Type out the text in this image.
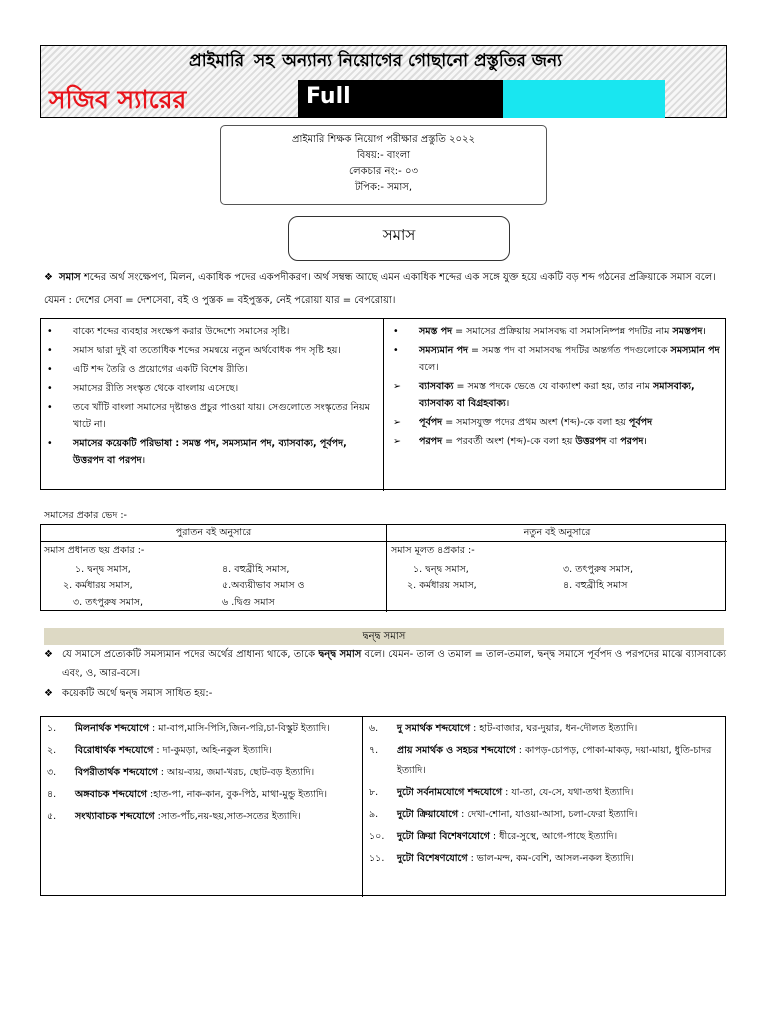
প্রাইমারি সহ অন্যান্য নিয়োগের গোছানো প্রস্তুতির জন্য
সজিব স্যারের	Full
প্রাইমারি শিক্ষক নিয়োগ পরীক্ষার প্রস্তুতি ২০২২
বিষয়:- বাংলা
লেকচার নং:- ০৩
টপিক:- সমাস,
সমাস
❖ সমাস শব্দের অর্থ সংক্ষেপণ, মিলন, একাধিক পদের একপদীকরণ। অর্থ সম্বন্ধ আছে এমন একাধিক শব্দের এক সঙ্গে যুক্ত হয়ে একটি বড় শব্দ গঠনের প্রক্রিয়াকে সমাস বলে। যেমন : দেশের সেবা = দেশসেবা, বই ও পুস্তক = বইপুস্তক, নেই পরোয়া যার = বেপরোয়া।
• বাক্যে শব্দের ব্যবহার সংক্ষেপ করার উদ্দেশ্যে সমাসের সৃষ্টি।
• সমাস দ্বারা দুই বা ততোধিক শব্দের সমন্বয়ে নতুন অর্থবোধক পদ সৃষ্টি হয়।
• এটি শব্দ তৈরি ও প্রয়োগের একটি বিশেষ রীতি।
• সমাসের রীতি সংস্কৃত থেকে বাংলায় এসেছে।
• তবে খাঁটি বাংলা সমাসের দৃষ্টান্তও প্রচুর পাওয়া যায়। সেগুলোতে সংস্কৃতের নিয়ম খাটে না।
• সমাসের কয়েকটি পরিভাষা : সমস্ত পদ, সমস্যমান পদ, ব্যাসবাক্য, পূর্বপদ, উত্তরপদ বা পরপদ।
• সমস্ত পদ = সমাসের প্রক্রিয়ায় সমাসবদ্ধ বা সমাসনিষ্পন্ন পদটির নাম সমস্তপদ।
• সমস্যমান পদ = সমস্ত পদ বা সমাসবদ্ধ পদটির অন্তর্গত পদগুলোকে সমস্যমান পদ বলে।
➢ ব্যাসবাক্য = সমস্ত পদকে ভেঙে যে বাক্যাংশ করা হয়, তার নাম সমাসবাক্য, ব্যাসবাক্য বা বিগ্রহবাক্য।
➢ পূর্বপদ = সমাসযুক্ত পদের প্রথম অংশ (শব্দ)-কে বলা হয় পূর্বপদ
➢ পরপদ = পরবর্তী অংশ (শব্দ)-কে বলা হয় উত্তরপদ বা পরপদ।
সমাসের প্রকার ভেদ :-
পুরাতন বই অনুসারে	নতুন বই অনুসারে
সমাস প্রধানত ছয় প্রকার :-
১. দ্বন্দ্ব সমাস,
২. কর্মধারয় সমাস,
৩. তৎপুরুষ সমাস,
৪. বহুব্রীহি সমাস,
৫.অব্যয়ীভাব সমাস ও
৬ .দ্বিগু সমাস
সমাস মূলত ৪প্রকার :-
১. দ্বন্দ্ব সমাস,
২. কর্মধারয় সমাস,
৩. তৎপুরুষ সমাস,
৪. বহুব্রীহি সমাস
দ্বন্দ্ব সমাস
❖ যে সমাসে প্রত্যেকটি সমস্যমান পদের অর্থের প্রাধান্য থাকে, তাকে দ্বন্দ্ব সমাস বলে। যেমন- তাল ও তমাল = তাল-তমাল, দ্বন্দ্ব সমাসে পূর্বপদ ও পরপদের মাঝে ব্যাসবাক্যে এবং, ও, আর-বসে।
❖ কয়েকটি অর্থে দ্বন্দ্ব সমাস সাধিত হয়:-
১. মিলনার্থক শব্দযোগে : মা-বাপ,মাসি-পিসি,জিন-পরি,চা-বিস্কুট ইত্যাদি।
২. বিরোধার্থক শব্দযোগে : দা-কুমড়া, অহি-নকুল ইত্যাদি।
৩. বিপরীতার্থক শব্দযোগে : আয়-ব্যয়, জমা-খরচ, ছোট-বড় ইত্যাদি।
৪. অঙ্গবাচক শব্দযোগে :হাত-পা, নাক-কান, বুক-পিঠ, মাথা-মুন্ডু ইত্যাদি।
৫. সংখ্যাবাচক শব্দযোগে :সাত-পাঁচ,নয়-ছয়,সাত-সতের ইত্যাদি।
৬. দু সমার্থক শব্দযোগে : হাট-বাজার, ঘর-দুয়ার, ধন-দৌলত ইত্যাদি।
৭. প্রায় সমার্থক ও সহচর শব্দযোগে : কাপড়-চোপড়, পোকা-মাকড়, দয়া-মায়া, ধুতি-চাদর ইত্যাদি।
৮. দুটো সর্বনামযোগে শব্দযোগে : যা-তা, যে-সে, যথা-তথা ইত্যাদি।
৯. দুটো ক্রিয়াযোগে : দেখা-শোনা, যাওয়া-আসা, চলা-ফেরা ইত্যাদি।
১০. দুটো ক্রিয়া বিশেষণযোগে : ধীরে-সুস্থে, আগে-পাছে ইত্যাদি।
১১. দুটো বিশেষণযোগে : ভাল-মন্দ, কম-বেশি, আসল-নকল ইত্যাদি।
